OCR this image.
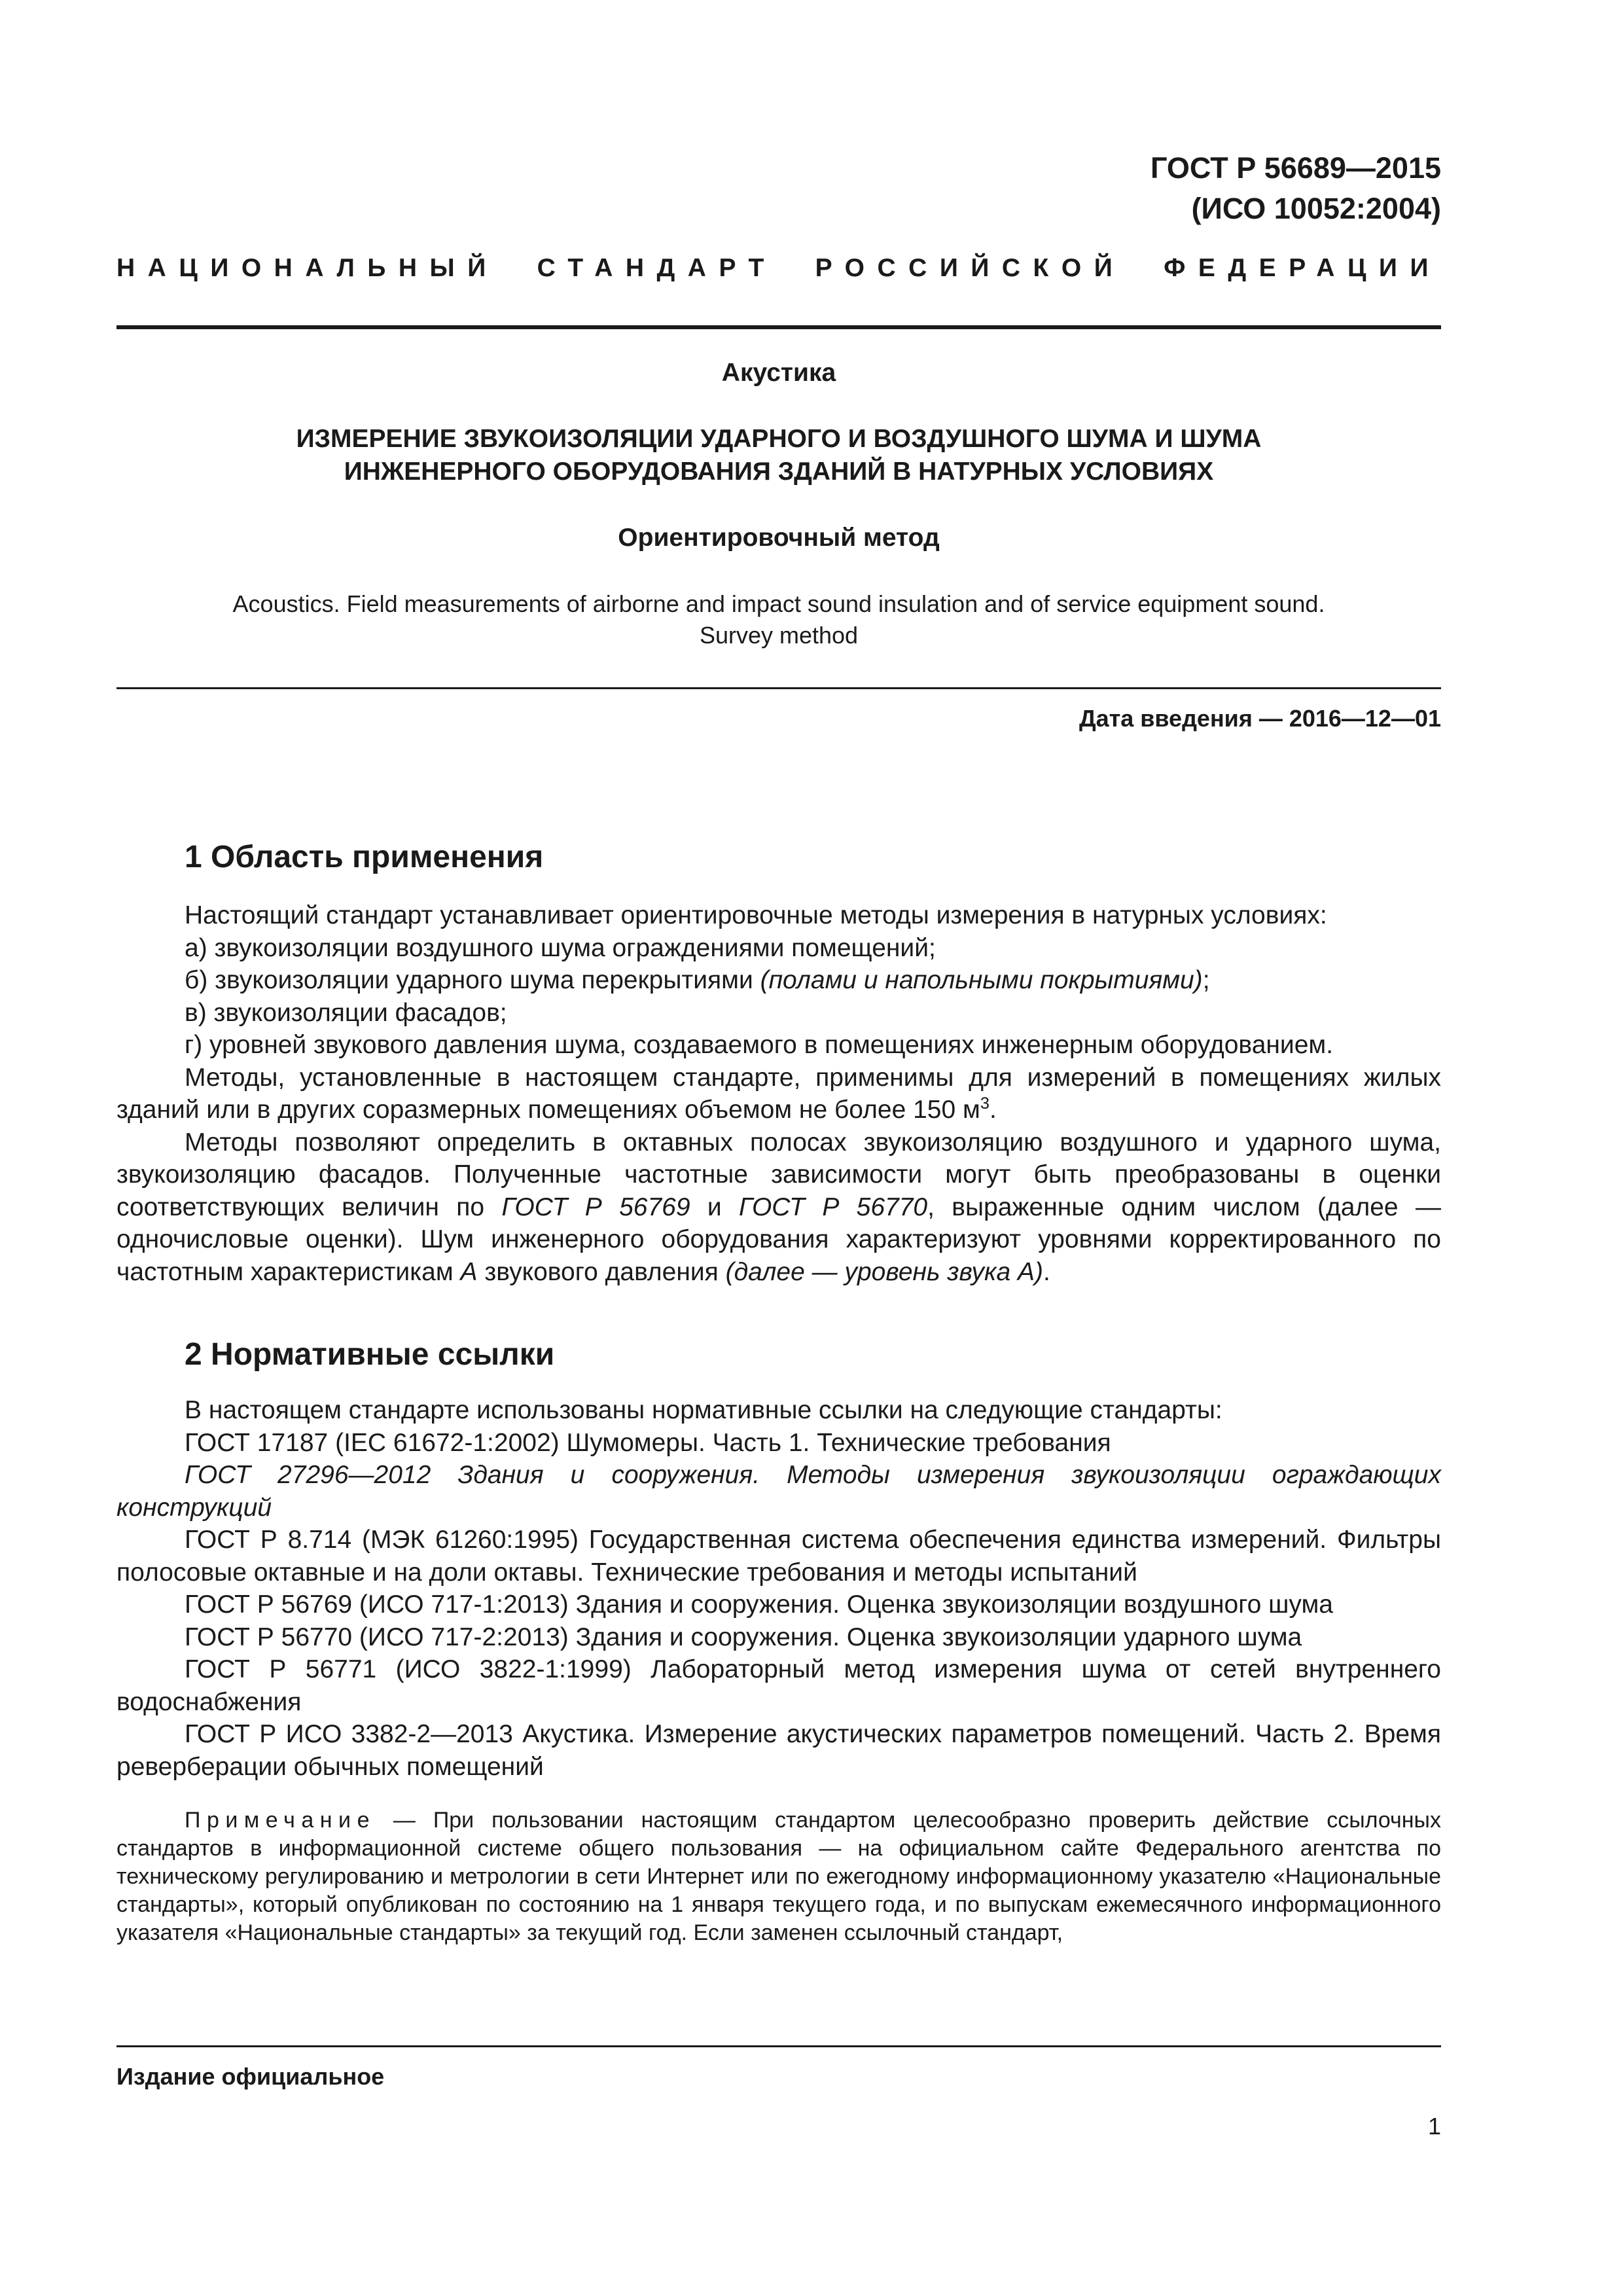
ГОСТ Р 56689—2015
(ИСО 10052:2004)
НАЦИОНАЛЬНЫЙ СТАНДАРТ РОССИЙСКОЙ ФЕДЕРАЦИИ
Акустика
ИЗМЕРЕНИЕ ЗВУКОИЗОЛЯЦИИ УДАРНОГО И ВОЗДУШНОГО ШУМА И ШУМА
ИНЖЕНЕРНОГО ОБОРУДОВАНИЯ ЗДАНИЙ В НАТУРНЫХ УСЛОВИЯХ
Ориентировочный метод
Acoustics. Field measurements of airborne and impact sound insulation and of service equipment sound.
Survey method
Дата введения — 2016—12—01
1 Область применения

Настоящий стандарт устанавливает ориентировочные методы измерения в натурных условиях:

а) звукоизоляции воздушного шума ограждениями помещений;

б) звукоизоляции ударного шума перекрытиями (полами и напольными покрытиями);

в) звукоизоляции фасадов;

г) уровней звукового давления шума, создаваемого в помещениях инженерным оборудованием.

Методы, установленные в настоящем стандарте, применимы для измерений в помещениях жилых зданий или в других соразмерных помещениях объемом не более 150 $м^3$.

Методы позволяют определить в октавных полосах звукоизоляцию воздушного и ударного шума, звукоизоляцию фасадов. Полученные частотные зависимости могут быть преобразованы в оценки соответствующих величин по ГОСТ Р 56769 и ГОСТ Р 56770, выраженные одним числом (далее — одночисловые оценки). Шум инженерного оборудования характеризуют уровнями корректированного по частотным характеристикам А звукового давления (далее — уровень звука А).

2 Нормативные ссылки

В настоящем стандарте использованы нормативные ссылки на следующие стандарты:

ГОСТ 17187 (IEC 61672-1:2002) Шумомеры. Часть 1. Технические требования

ГОСТ 27296—2012 Здания и сооружения. Методы измерения звукоизоляции ограждающих конструкций

ГОСТ Р 8.714 (МЭК 61260:1995) Государственная система обеспечения единства измерений. Фильтры полосовые октавные и на доли октавы. Технические требования и методы испытаний

ГОСТ Р 56769 (ИСО 717-1:2013) Здания и сооружения. Оценка звукоизоляции воздушного шума

ГОСТ Р 56770 (ИСО 717-2:2013) Здания и сооружения. Оценка звукоизоляции ударного шума

ГОСТ Р 56771 (ИСО 3822-1:1999) Лабораторный метод измерения шума от сетей внутреннего водоснабжения

ГОСТ Р ИСО 3382-2—2013 Акустика. Измерение акустических параметров помещений. Часть 2. Время реверберации обычных помещений

Примечание — При пользовании настоящим стандартом целесообразно проверить действие ссылочных стандартов в информационной системе общего пользования — на официальном сайте Федерального агентства по техническому регулированию и метрологии в сети Интернет или по ежегодному информационному указателю «Национальные стандарты», который опубликован по состоянию на 1 января текущего года, и по выпускам ежемесячного информационного указателя «Национальные стандарты» за текущий год. Если заменен ссылочный стандарт,

Издание официальное
1
